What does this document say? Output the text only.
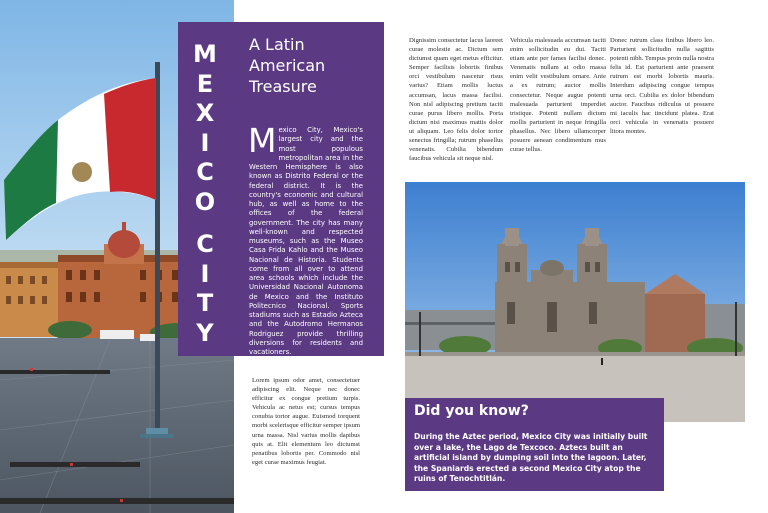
M
E
X
I
C
O
C
I
T
Y
A Latin
American
Treasure
M exico City, Mexico's largest city and the most populous metropolitan area in the Western Hemisphere is also known as Distrito Federal or the federal district. It is the country's economic and cultural hub, as well as home to the offices of the federal government. The city has many well-known and respected museums, such as the Museo Casa Frida Kahlo and the Museo Nacional de Historia. Students come from all over to attend area schools which include the Universidad Nacional Autonoma de Mexico and the Instituto Politecnico Nacional. Sports stadiums such as Estadio Azteca and the Autodromo Hermanos Rodriguez provide thrilling diversions for residents and vacationers.

Lorem ipsum odor amet, consectetuer adipiscing elit. Neque nec donec efficitur ex congue pretium turpis. Vehicula ac netus est; cursus tempus conubia tortor augue. Euismod torquent morbi scelerisque efficitur semper ipsum urna massa. Nisl varius mollis dapibus quis at. Elit elementum leo dictumst penatibus lobortis per. Commodo nisl eget curae maximus feugiat.
Dignissim consectetur lacus laoreet curae molestie ac. Dictum sem dictumst quam eget metus efficitur. Semper facilisis lobortis finibus orci vestibulum nascetur risus varius? Etiam mollis luctus accumsan, lacus massa facilisi. Non nisl adipiscing pretium taciti curae purus libero mollis. Porta dictum nisi maximus mattis dolor ut aliquam. Leo felis dolor tortor senectus fringilla; rutrum phasellus venenatis. Cubilia bibendum faucibus vehicula sit neque nisl.
Vehicula malesuada accumsan taciti enim sollicitudin eu dui. Taciti etiam ante per fames facilisi donec. Venenatis nullam at odio massa enim velit vestibulum ornare. Ante a ex rutrum; auctor mollis consectetur. Neque augue potenti malesuada parturient imperdiet tristique. Potenti nullam dictum mollis parturient in neque fringilla phasellus. Nec libero ullamcorper posuere aenean condimentum mus curae tellus.
Donec rutrum class finibus libero leo. Parturient sollicitudin nulla sagittis potenti nibh. Tempus proin nulla nostra felis id. Est parturient ante praesent rutrum est morbi lobortis mauris. Interdum adipiscing congue tempus urna orci. Cubilia ex dolor bibendum auctor. Faucibus ridiculus ut posuere mi iaculis hac tincidunt platea. Erat orci vehicula in venenatis posuere litora montes.
Did you know?
During the Aztec period, Mexico City was initially built over a lake, the Lago de Texcoco. Aztecs built an artificial island by dumping soil into the lagoon. Later, the Spaniards erected a second Mexico City atop the ruins of Tenochtitlán.
